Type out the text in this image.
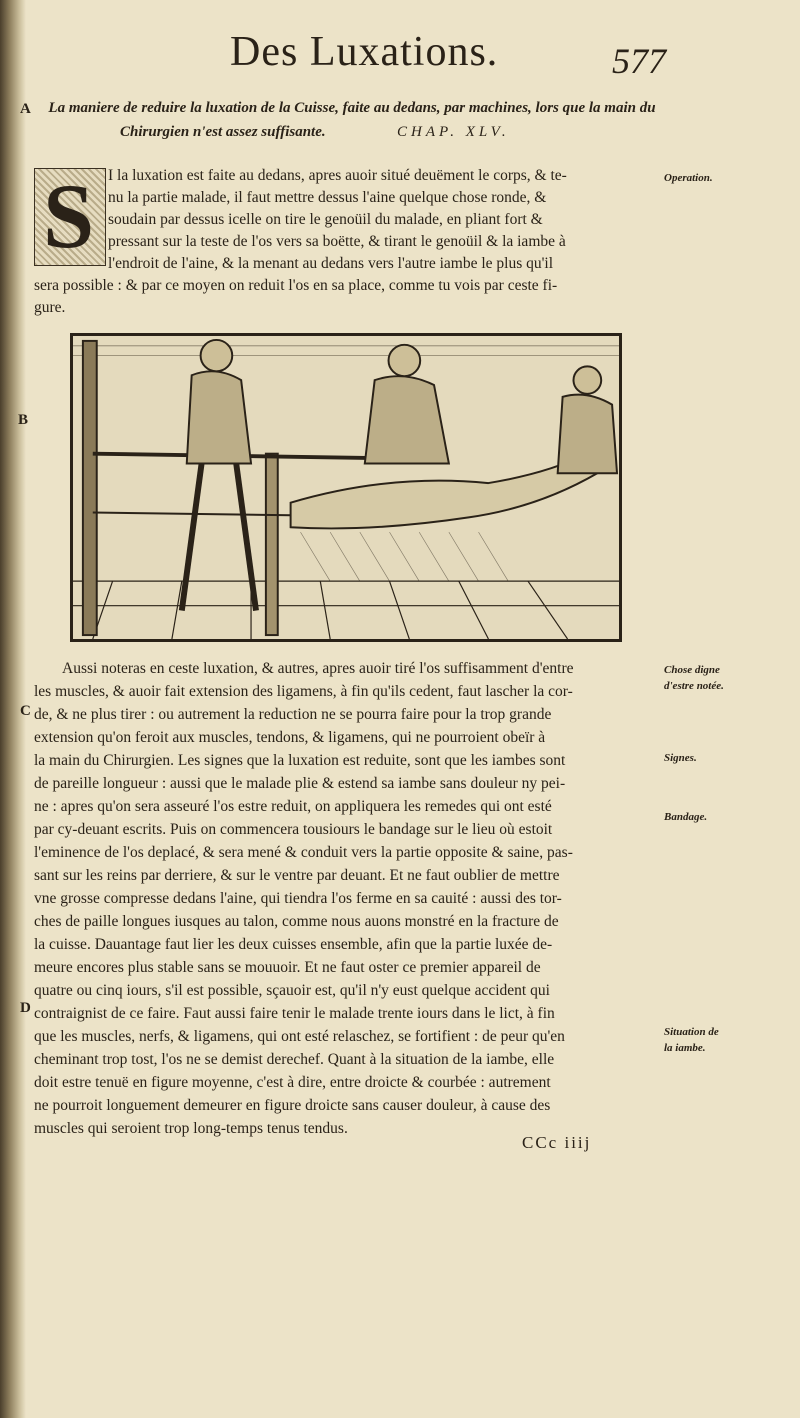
Des Luxations.	577
A	La maniere de reduire la luxation de la Cuisse, faite au dedans, par machines, lors que la main du
Chirurgien n'est assez suffisante.	CHAP. XLV.
S I la luxation est faite au dedans, apres auoir situé deuëment le corps, & te-
nu la partie malade, il faut mettre dessus l'aine quelque chose ronde, &
soudain par dessus icelle on tire le genoüil du malade, en pliant fort &
pressant sur la teste de l'os vers sa boëtte, & tirant le genoüil & la iambe à
l'endroit de l'aine, & la menant au dedans vers l'autre iambe le plus qu'il
sera possible : & par ce moyen on reduit l'os en sa place, comme tu vois par ceste fi-
gure.
Operation.
B
Aussi noteras en ceste luxation, & autres, apres auoir tiré l'os suffisamment d'entre
les muscles, & auoir fait extension des ligamens, à fin qu'ils cedent, faut lascher la cor-
de, & ne plus tirer : ou autrement la reduction ne se pourra faire pour la trop grande
extension qu'on feroit aux muscles, tendons, & ligamens, qui ne pourroient obeïr à
la main du Chirurgien. Les signes que la luxation est reduite, sont que les iambes sont
de pareille longueur : aussi que le malade plie & estend sa iambe sans douleur ny pei-
ne : apres qu'on sera asseuré l'os estre reduit, on appliquera les remedes qui ont esté
par cy-deuant escrits. Puis on commencera tousiours le bandage sur le lieu où estoit
l'eminence de l'os deplacé, & sera mené & conduit vers la partie opposite & saine, pas-
sant sur les reins par derriere, & sur le ventre par deuant. Et ne faut oublier de mettre
vne grosse compresse dedans l'aine, qui tiendra l'os ferme en sa cauité : aussi des tor-
ches de paille longues iusques au talon, comme nous auons monstré en la fracture de
la cuisse. Dauantage faut lier les deux cuisses ensemble, afin que la partie luxée de-
meure encores plus stable sans se mouuoir. Et ne faut oster ce premier appareil de
quatre ou cinq iours, s'il est possible, sçauoir est, qu'il n'y eust quelque accident qui
contraignist de ce faire. Faut aussi faire tenir le malade trente iours dans le lict, à fin
que les muscles, nerfs, & ligamens, qui ont esté relaschez, se fortifient : de peur qu'en
cheminant trop tost, l'os ne se demist derechef. Quant à la situation de la iambe, elle
doit estre tenuë en figure moyenne, c'est à dire, entre droicte & courbée : autrement
ne pourroit longuement demeurer en figure droicte sans causer douleur, à cause des
muscles qui seroient trop long-temps tenus tendus.
C
D
Chose digne
d'estre notée.
Signes.
Bandage.
Situation de
la iambe.
CCc iiij
